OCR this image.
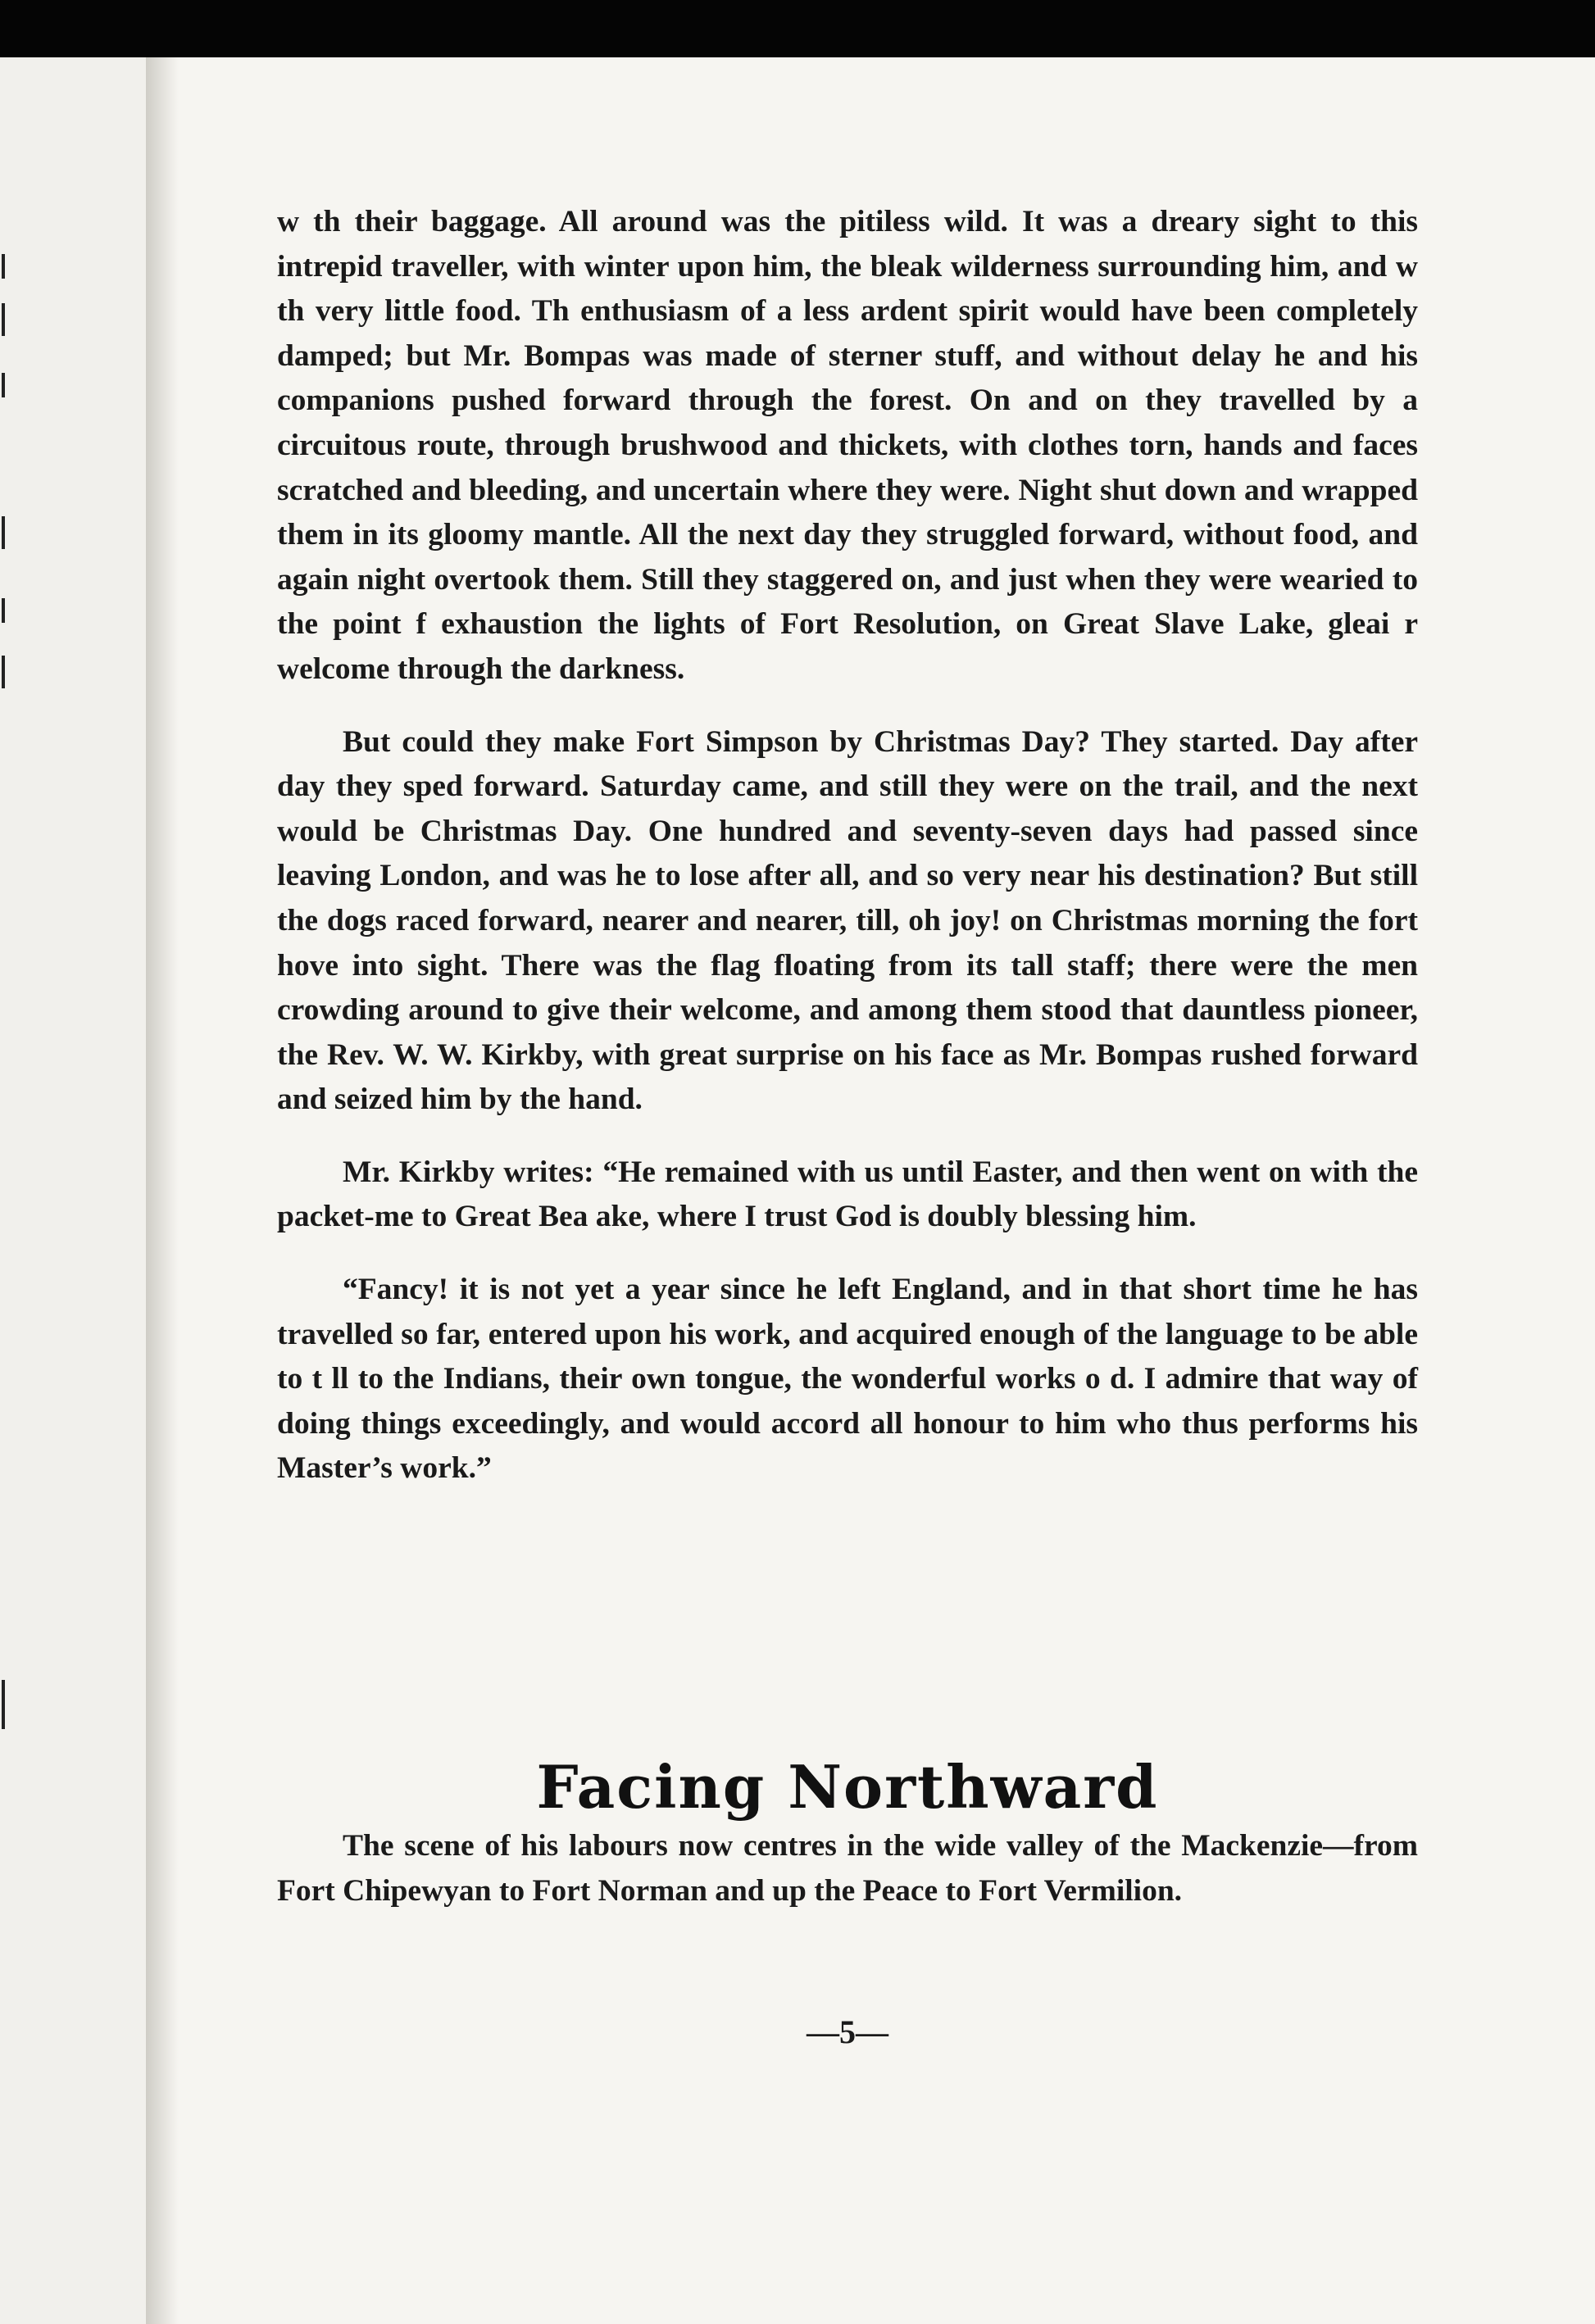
w th their baggage. All around was the pitiless wild. It was a dreary sight to this intrepid traveller, with winter upon him, the bleak wilderness surrounding him, and w th very little food. Th enthusiasm of a less ardent spirit would have been completely damped; but Mr. Bompas was made of sterner stuff, and without delay he and his companions pushed forward through the forest. On and on they travelled by a circuitous route, through brushwood and thickets, with clothes torn, hands and faces scratched and bleeding, and uncertain where they were. Night shut down and wrapped them in its gloomy mantle. All the next day they struggled forward, without food, and again night overtook them. Still they staggered on, and just when they were wearied to the point f exhaustion the lights of Fort Resolution, on Great Slave Lake, gleai r welcome through the darkness.

But could they make Fort Simpson by Christmas Day? They started. Day after day they sped forward. Saturday came, and still they were on the trail, and the next would be Christmas Day. One hundred and seventy-seven days had passed since leaving London, and was he to lose after all, and so very near his destination? But still the dogs raced forward, nearer and nearer, till, oh joy! on Christmas morning the fort hove into sight. There was the flag floating from its tall staff; there were the men crowding around to give their welcome, and among them stood that dauntless pioneer, the Rev. W. W. Kirkby, with great surprise on his face as Mr. Bompas rushed forward and seized him by the hand.

Mr. Kirkby writes: “He remained with us until Easter, and then went on with the packet-me to Great Bea ake, where I trust God is doubly blessing him.

“Fancy! it is not yet a year since he left England, and in that short time he has travelled so far, entered upon his work, and acquired enough of the language to be able to t ll to the Indians, their own tongue, the wonderful works o d. I admire that way of doing things exceedingly, and would accord all honour to him who thus performs his Master’s work.”

Facing Northward

The scene of his labours now centres in the wide valley of the Mackenzie—from Fort Chipewyan to Fort Norman and up the Peace to Fort Vermilion.

—5—
